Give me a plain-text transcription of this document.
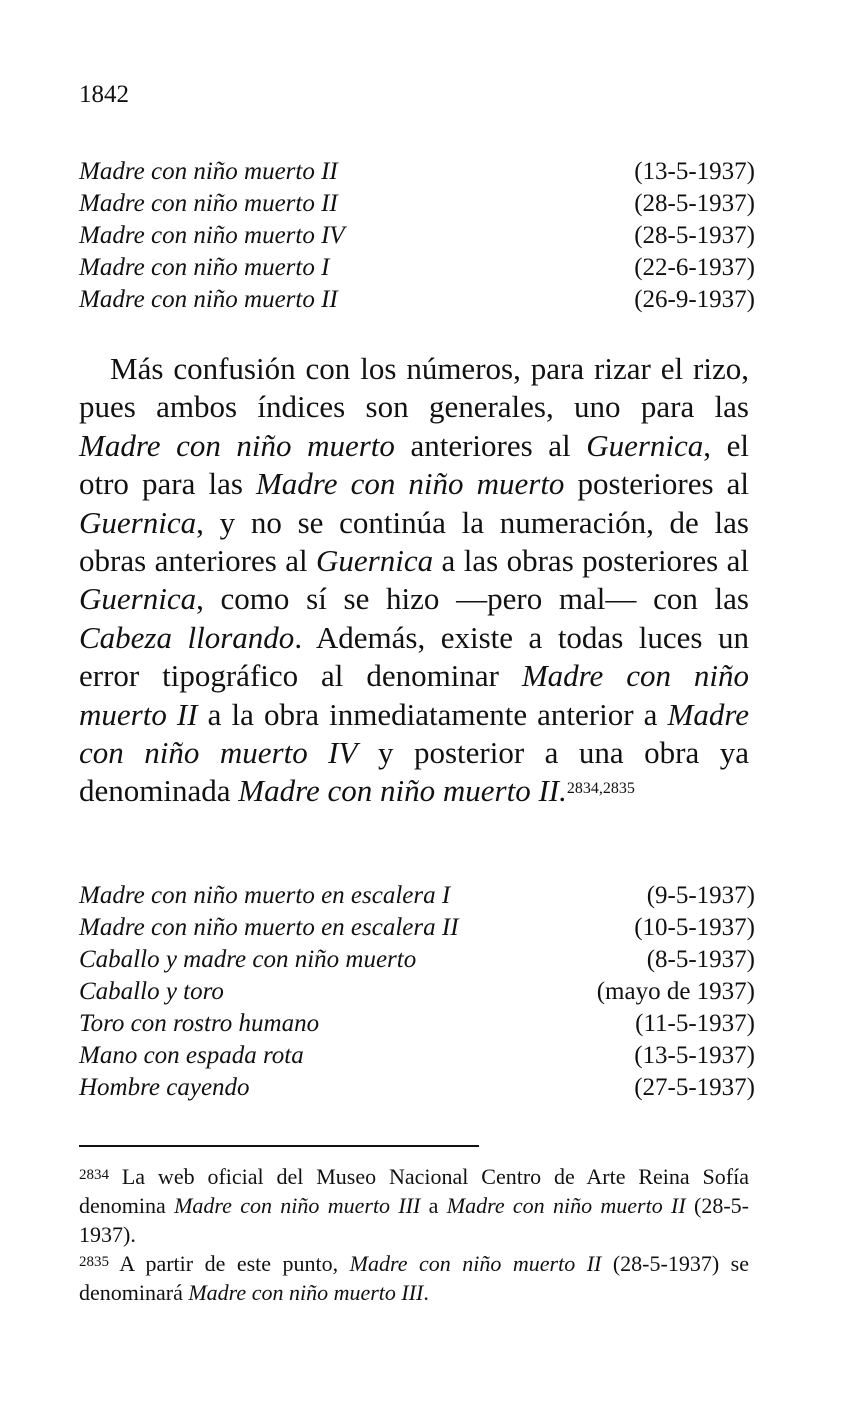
1842
Madre con niño muerto II	(13-5-1937)
Madre con niño muerto II	(28-5-1937)
Madre con niño muerto IV	(28-5-1937)
Madre con niño muerto I	(22-6-1937)
Madre con niño muerto II	(26-9-1937)

Más confusión con los números, para rizar el rizo, pues ambos índices son generales, uno para las Madre con niño muerto anteriores al Guernica, el otro para las Madre con niño muerto posteriores al Guernica, y no se continúa la numeración, de las obras anteriores al Guernica a las obras posteriores al Guernica, como sí se hizo —pero mal— con las Cabeza llorando. Además, existe a todas luces un error tipográfico al denominar Madre con niño muerto II a la obra inmediatamente anterior a Madre con niño muerto IV y posterior a una obra ya denominada Madre con niño muerto II.$^{2834,2835}$

Madre con niño muerto en escalera I	(9-5-1937)
Madre con niño muerto en escalera II	(10-5-1937)
Caballo y madre con niño muerto	(8-5-1937)
Caballo y toro	(mayo de 1937)
Toro con rostro humano	(11-5-1937)
Mano con espada rota	(13-5-1937)
Hombre cayendo	(27-5-1937)

$^{2834}$ La web oficial del Museo Nacional Centro de Arte Reina Sofía denomina Madre con niño muerto III a Madre con niño muerto II (28-5-1937).

$^{2835}$ A partir de este punto, Madre con niño muerto II (28-5-1937) se denominará Madre con niño muerto III.
